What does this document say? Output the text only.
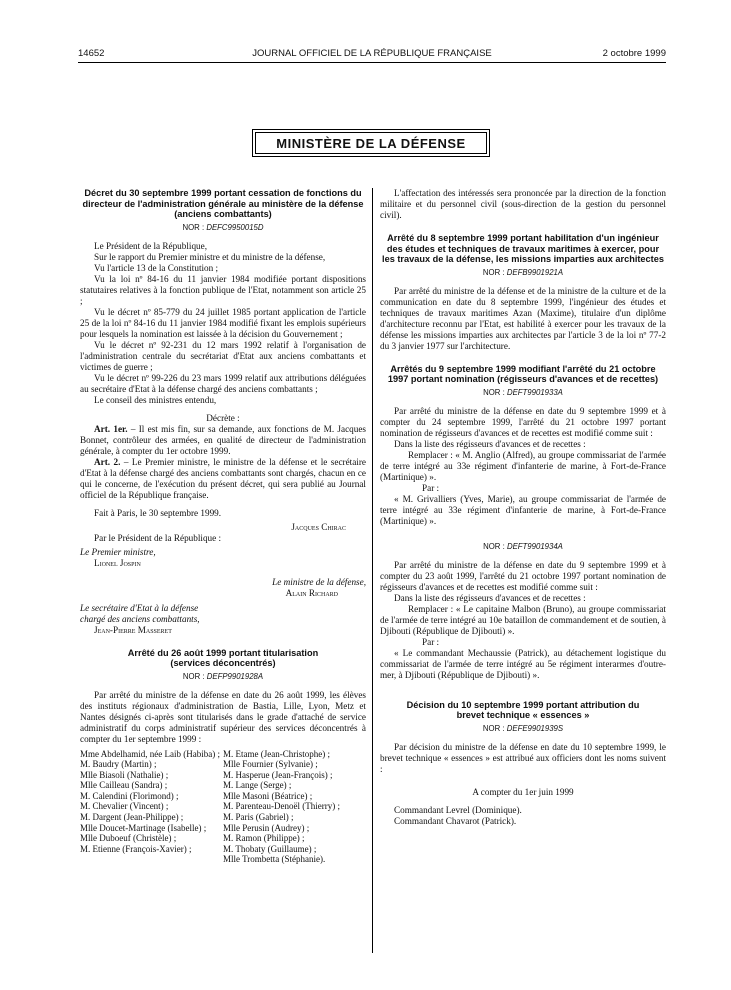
14652	JOURNAL OFFICIEL DE LA RÉPUBLIQUE FRANÇAISE	2 octobre 1999
MINISTÈRE DE LA DÉFENSE

Décret du 30 septembre 1999 portant cessation de fonctions du directeur de l'administration générale au ministère de la défense (anciens combattants)

NOR : DEFC9950015D

Le Président de la République,

Sur le rapport du Premier ministre et du ministre de la défense,

Vu l'article 13 de la Constitution ;

Vu la loi nº 84-16 du 11 janvier 1984 modifiée portant dispositions statutaires relatives à la fonction publique de l'Etat, notamment son article 25 ;

Vu le décret nº 85-779 du 24 juillet 1985 portant application de l'article 25 de la loi nº 84-16 du 11 janvier 1984 modifié fixant les emplois supérieurs pour lesquels la nomination est laissée à la décision du Gouvernement ;

Vu le décret nº 92-231 du 12 mars 1992 relatif à l'organisation de l'administration centrale du secrétariat d'Etat aux anciens combattants et victimes de guerre ;

Vu le décret nº 99-226 du 23 mars 1999 relatif aux attributions déléguées au secrétaire d'Etat à la défense chargé des anciens combattants ;

Le conseil des ministres entendu,

Décrète :

Art. 1er. – Il est mis fin, sur sa demande, aux fonctions de M. Jacques Bonnet, contrôleur des armées, en qualité de directeur de l'administration générale, à compter du 1er octobre 1999.

Art. 2. – Le Premier ministre, le ministre de la défense et le secrétaire d'Etat à la défense chargé des anciens combattants sont chargés, chacun en ce qui le concerne, de l'exécution du présent décret, qui sera publié au Journal officiel de la République française.

Fait à Paris, le 30 septembre 1999.

Jacques Chirac

Par le Président de la République :

Le Premier ministre,

Lionel Jospin

Le ministre de la défense,

Alain Richard

Le secrétaire d'Etat à la défense

chargé des anciens combattants,

Jean-Pierre Masseret

Arrêté du 26 août 1999 portant titularisation (services déconcentrés)

NOR : DEFP9901928A

Par arrêté du ministre de la défense en date du 26 août 1999, les élèves des instituts régionaux d'administration de Bastia, Lille, Lyon, Metz et Nantes désignés ci-après sont titularisés dans le grade d'attaché de service administratif du corps administratif supérieur des services déconcentrés à compter du 1er septembre 1999 :

Mme Abdelhamid, née Laib (Habiba) ;
M. Baudry (Martin) ;
Mlle Biasoli (Nathalie) ;
Mlle Cailleau (Sandra) ;
M. Calendini (Florimond) ;
M. Chevalier (Vincent) ;
M. Dargent (Jean-Philippe) ;
Mlle Doucet-Martinage (Isabelle) ;
Mlle Duboeuf (Christèle) ;
M. Etienne (François-Xavier) ;
M. Etame (Jean-Christophe) ;
Mlle Fournier (Sylvanie) ;
M. Hasperue (Jean-François) ;
M. Lange (Serge) ;
Mlle Masoni (Béatrice) ;
M. Parenteau-Denoël (Thierry) ;
M. Paris (Gabriel) ;
Mlle Perusin (Audrey) ;
M. Ramon (Philippe) ;
M. Thobaty (Guillaume) ;
Mlle Trombetta (Stéphanie).

L'affectation des intéressés sera prononcée par la direction de la fonction militaire et du personnel civil (sous-direction de la gestion du personnel civil).

Arrêté du 8 septembre 1999 portant habilitation d'un ingénieur des études et techniques de travaux maritimes à exercer, pour les travaux de la défense, les missions imparties aux architectes

NOR : DEFB9901921A

Par arrêté du ministre de la défense et de la ministre de la culture et de la communication en date du 8 septembre 1999, l'ingénieur des études et techniques de travaux maritimes Azan (Maxime), titulaire d'un diplôme d'architecture reconnu par l'Etat, est habilité à exercer pour les travaux de la défense les missions imparties aux architectes par l'article 3 de la loi nº 77-2 du 3 janvier 1977 sur l'architecture.

Arrêtés du 9 septembre 1999 modifiant l'arrêté du 21 octobre 1997 portant nomination (régisseurs d'avances et de recettes)

NOR : DEFT9901933A

Par arrêté du ministre de la défense en date du 9 septembre 1999 et à compter du 24 septembre 1999, l'arrêté du 21 octobre 1997 portant nomination de régisseurs d'avances et de recettes est modifié comme suit :

Dans la liste des régisseurs d'avances et de recettes :

Remplacer : « M. Anglio (Alfred), au groupe commissariat de l'armée de terre intégré au 33e régiment d'infanterie de marine, à Fort-de-France (Martinique) ».

Par :

« M. Grivalliers (Yves, Marie), au groupe commissariat de l'armée de terre intégré au 33e régiment d'infanterie de marine, à Fort-de-France (Martinique) ».

NOR : DEFT9901934A

Par arrêté du ministre de la défense en date du 9 septembre 1999 et à compter du 23 août 1999, l'arrêté du 21 octobre 1997 portant nomination de régisseurs d'avances et de recettes est modifié comme suit :

Dans la liste des régisseurs d'avances et de recettes :

Remplacer : « Le capitaine Malbon (Bruno), au groupe commissariat de l'armée de terre intégré au 10e bataillon de commandement et de soutien, à Djibouti (République de Djibouti) ».

Par :

« Le commandant Mechaussie (Patrick), au détachement logistique du commissariat de l'armée de terre intégré au 5e régiment interarmes d'outre-mer, à Djibouti (République de Djibouti) ».

Décision du 10 septembre 1999 portant attribution du brevet technique « essences »

NOR : DEFE9901939S

Par décision du ministre de la défense en date du 10 septembre 1999, le brevet technique « essences » est attribué aux officiers dont les noms suivent :

A compter du 1er juin 1999

Commandant Levrel (Dominique).

Commandant Chavarot (Patrick).
